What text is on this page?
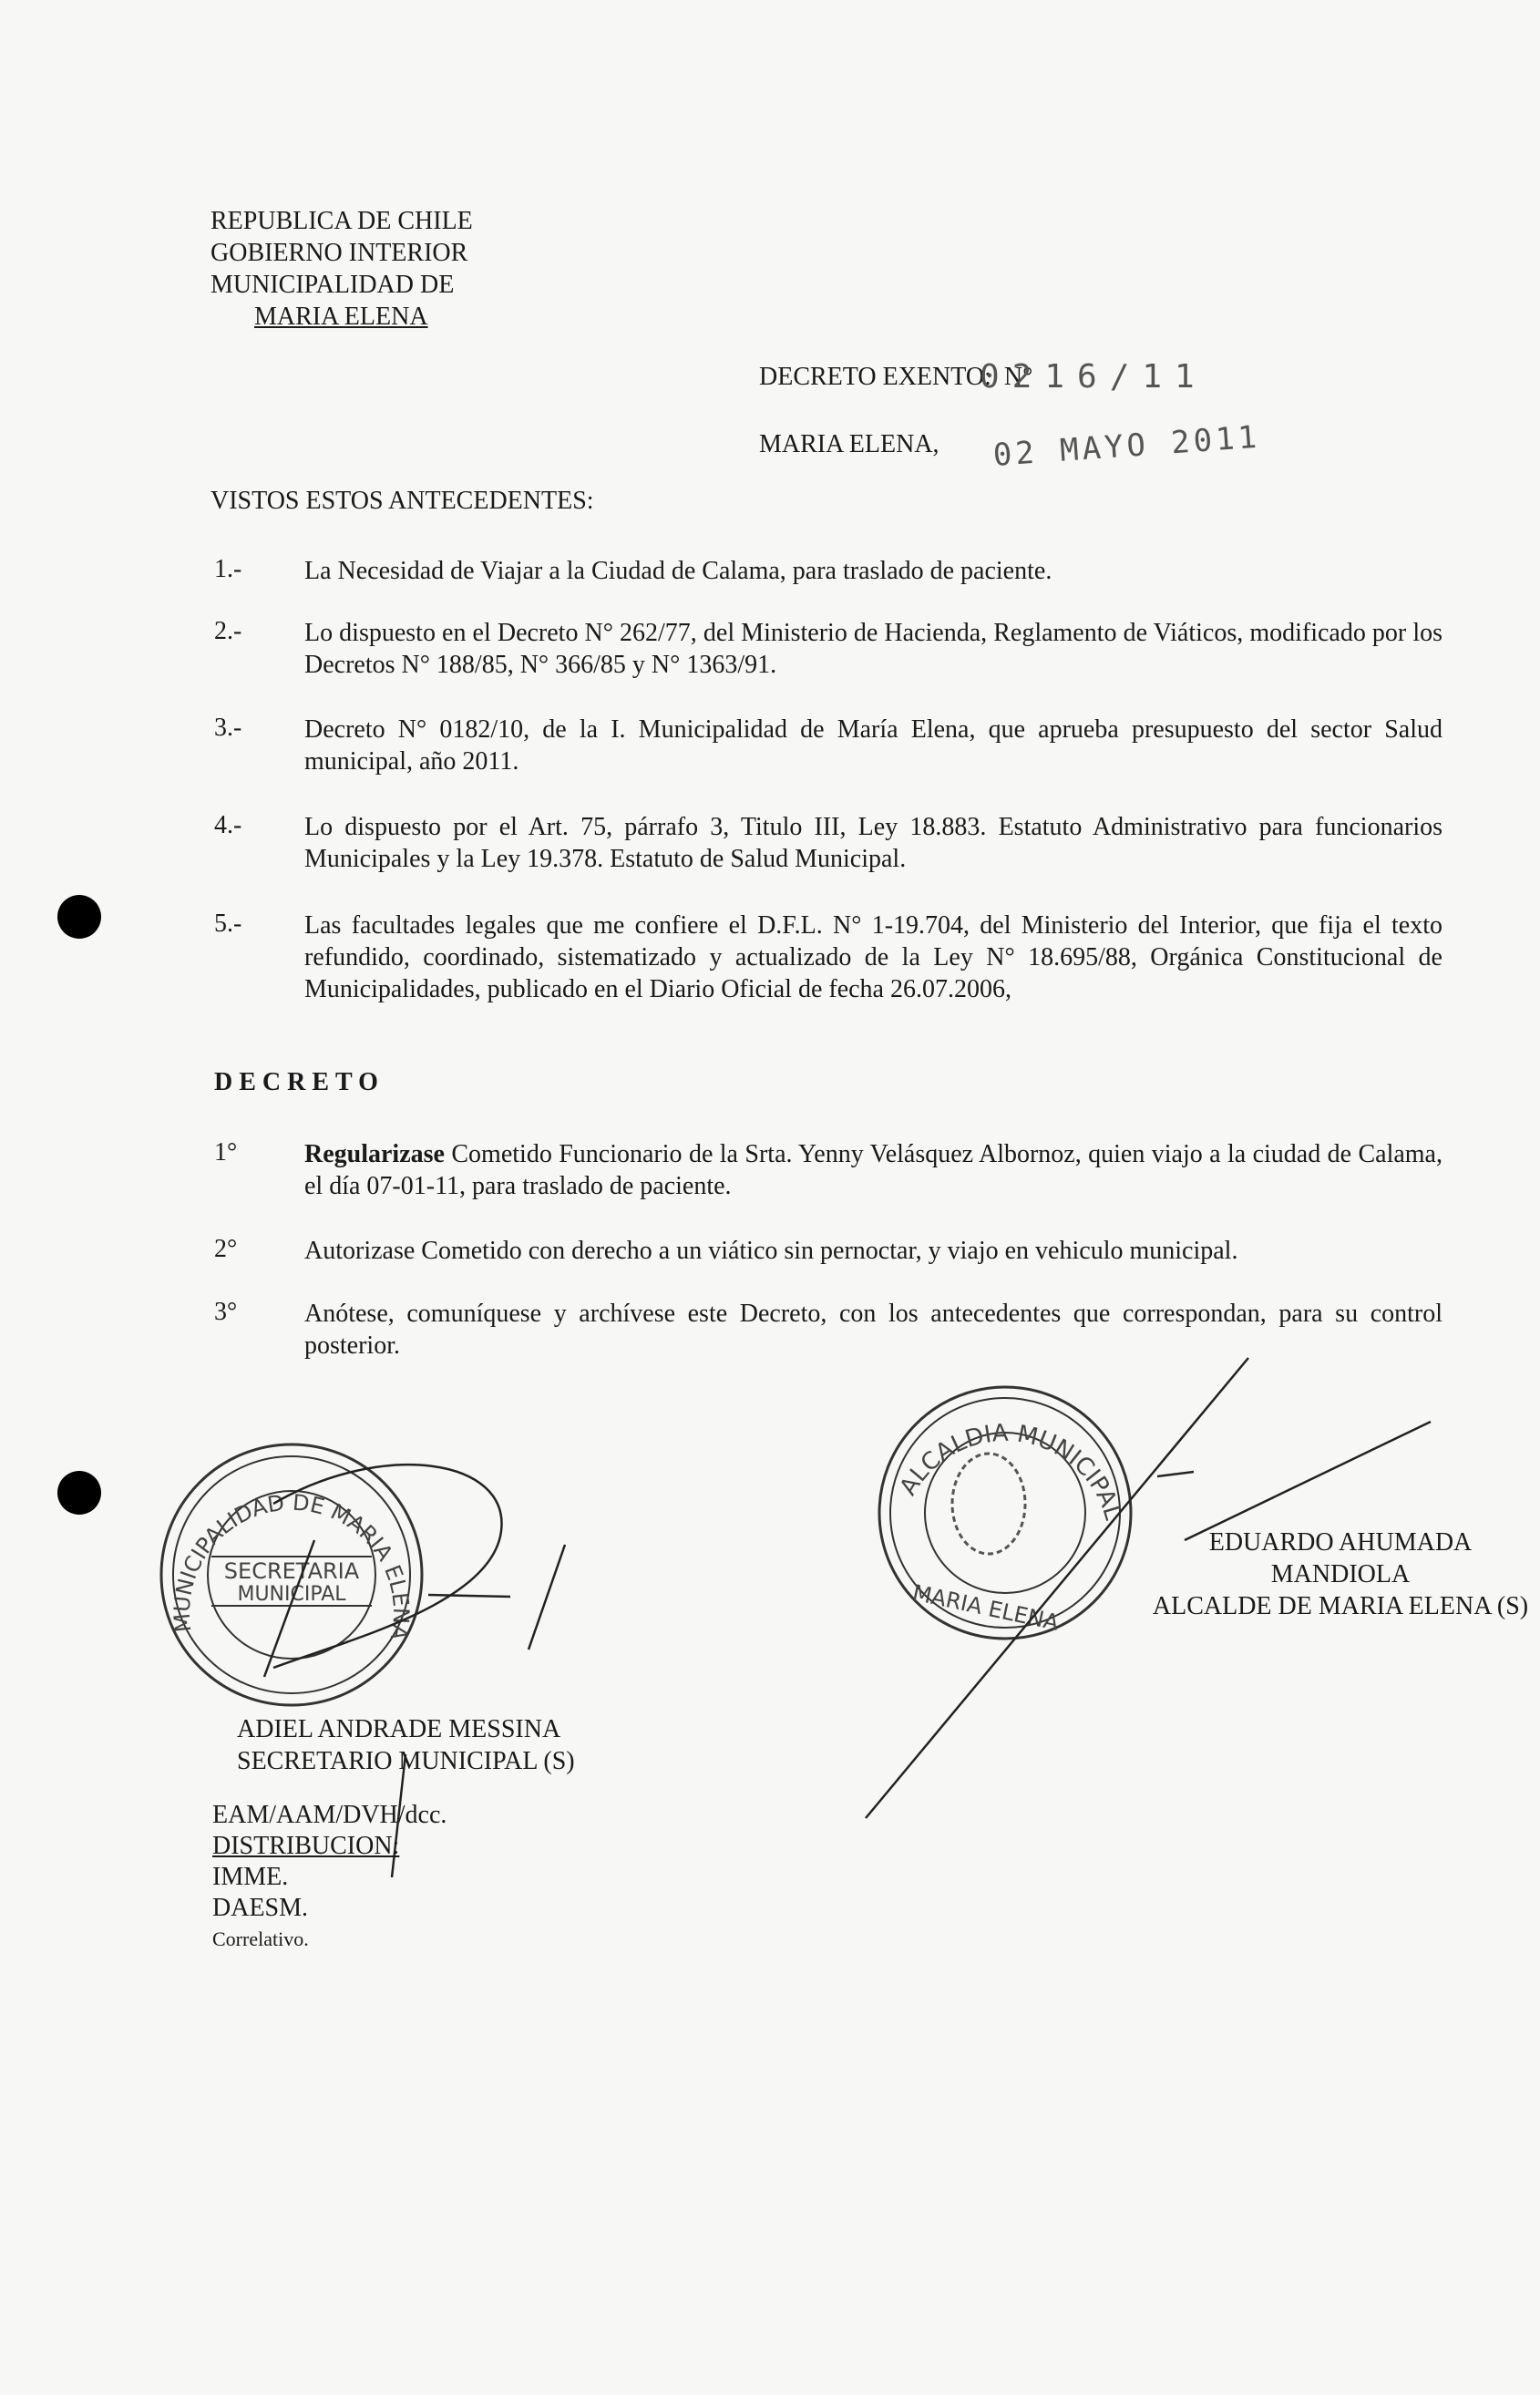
REPUBLICA DE CHILE
GOBIERNO INTERIOR
MUNICIPALIDAD DE
MARIA ELENA
DECRETO EXENTO:  N°
0216/11
MARIA ELENA, 02 MAYO 2011
VISTOS ESTOS ANTECEDENTES:
1.- La Necesidad de Viajar a la Ciudad de Calama, para traslado de paciente.
2.- Lo dispuesto en el Decreto N° 262/77, del Ministerio de Hacienda, Reglamento de Viáticos, modificado por los Decretos N° 188/85, N° 366/85 y N° 1363/91.
3.- Decreto N° 0182/10, de la I. Municipalidad de María Elena, que aprueba presupuesto del sector Salud municipal, año 2011.
4.- Lo dispuesto por el Art. 75, párrafo 3, Titulo III, Ley 18.883. Estatuto Administrativo para funcionarios Municipales y la Ley 19.378. Estatuto de Salud Municipal.
5.- Las facultades legales que me confiere el D.F.L. N° 1-19.704, del Ministerio del Interior, que fija el texto refundido, coordinado, sistematizado y actualizado de la Ley N° 18.695/88, Orgánica Constitucional de Municipalidades, publicado en el Diario Oficial de fecha 26.07.2006,
DECRETO
1°	Regularizase Cometido Funcionario de la Srta. Yenny Velásquez Albornoz, quien viajo a la ciudad de Calama, el día 07-01-11, para traslado de paciente.
2°	Autorizase Cometido con derecho a un viático sin pernoctar, y viajo en vehiculo municipal.
3°	Anótese, comuníquese y archívese este Decreto, con los antecedentes que correspondan, para su control posterior.
SECRETARIA
MUNICIPAL
MUNICIPALIDAD DE MARIA ELENA
ALCALDIA MUNICIPAL
MARIA ELENA
ADIEL ANDRADE MESSINA
SECRETARIO MUNICIPAL (S)
EDUARDO AHUMADA MANDIOLA
ALCALDE DE MARIA ELENA (S)
EAM/AAM/DVH/dcc.
DISTRIBUCION:
IMME.
DAESM.
Correlativo.
